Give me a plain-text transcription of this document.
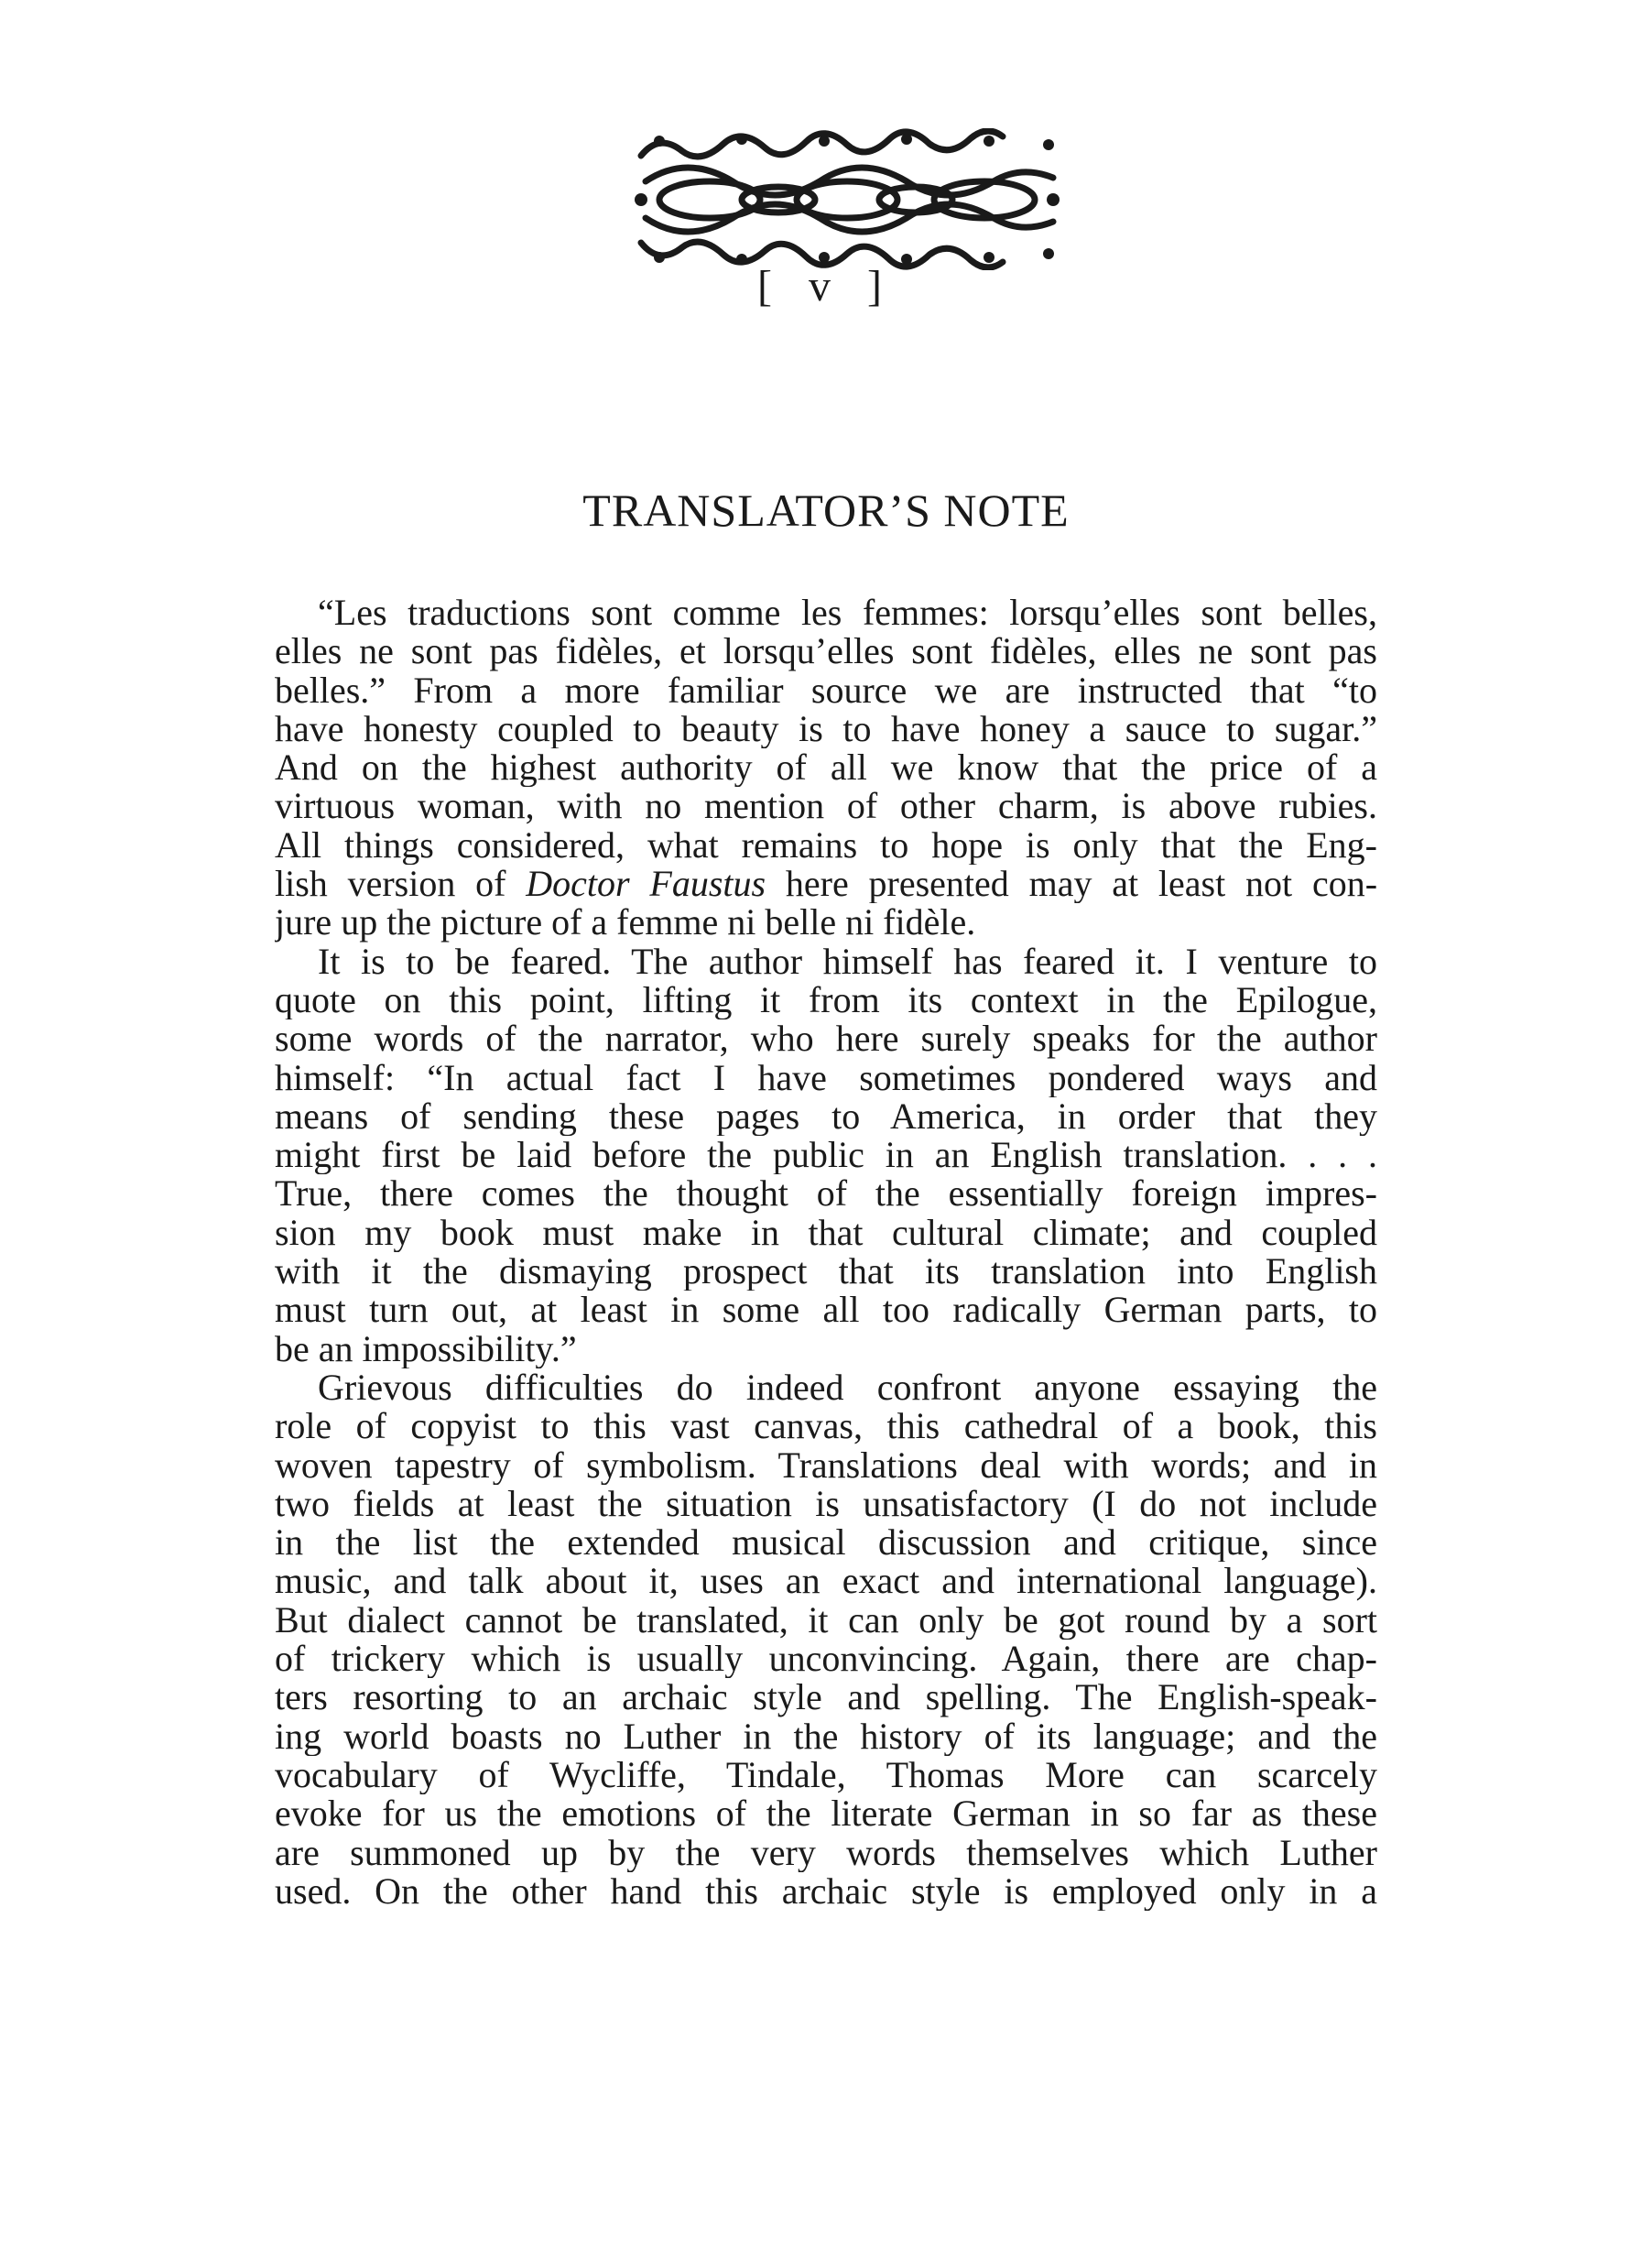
[ v ]
TRANSLATOR’S NOTE
“Les traductions sont comme les femmes: lorsqu’elles sont belles,
elles ne sont pas fidèles, et lorsqu’elles sont fidèles, elles ne sont pas
belles.” From a more familiar source we are instructed that “to
have honesty coupled to beauty is to have honey a sauce to sugar.”
And on the highest authority of all we know that the price of a
virtuous woman, with no mention of other charm, is above rubies.
All things considered, what remains to hope is only that the Eng-
lish version of Doctor Faustus here presented may at least not con-
jure up the picture of a femme ni belle ni fidèle.
It is to be feared. The author himself has feared it. I venture to
quote on this point, lifting it from its context in the Epilogue,
some words of the narrator, who here surely speaks for the author
himself: “In actual fact I have sometimes pondered ways and
means of sending these pages to America, in order that they
might first be laid before the public in an English translation. . . .
True, there comes the thought of the essentially foreign impres-
sion my book must make in that cultural climate; and coupled
with it the dismaying prospect that its translation into English
must turn out, at least in some all too radically German parts, to
be an impossibility.”
Grievous difficulties do indeed confront anyone essaying the
role of copyist to this vast canvas, this cathedral of a book, this
woven tapestry of symbolism. Translations deal with words; and in
two fields at least the situation is unsatisfactory (I do not include
in the list the extended musical discussion and critique, since
music, and talk about it, uses an exact and international language).
But dialect cannot be translated, it can only be got round by a sort
of trickery which is usually unconvincing. Again, there are chap-
ters resorting to an archaic style and spelling. The English-speak-
ing world boasts no Luther in the history of its language; and the
vocabulary of Wycliffe, Tindale, Thomas More can scarcely
evoke for us the emotions of the literate German in so far as these
are summoned up by the very words themselves which Luther
used. On the other hand this archaic style is employed only in a
